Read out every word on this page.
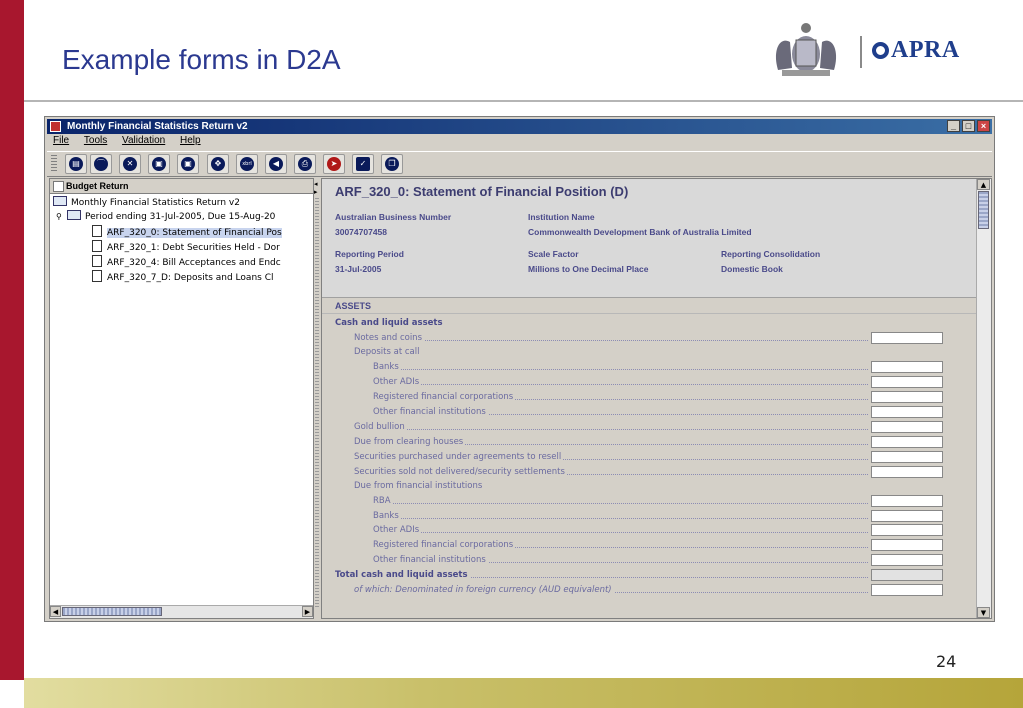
Example forms in D2A	APRA
Monthly Financial Statistics Return v2	_	□	×
File Tools Validation Help
▤	⌒	✕	▣	▣	✥	xbrl	◀	⎙	➤	✓	❐
Budget Return
Monthly Financial Statistics Return v2
⚲	Period ending 31-Jul-2005, Due 15-Aug-20
ARF_320_0: Statement of Financial Pos
ARF_320_1: Debt Securities Held - Dor
ARF_320_4: Bill Acceptances and Endc
ARF_320_7_D: Deposits and Loans Cl
◀	▶
◂
▸ ARF_320_0: Statement of Financial Position (D)
Australian Business Number
30074707458
Institution Name
Commonwealth Development Bank of Australia Limited
Reporting Period
31-Jul-2005
Scale Factor
Millions to One Decimal Place
Reporting Consolidation
Domestic Book
ASSETS
Cash and liquid assets
Notes and coins
Deposits at call
Banks
Other ADIs
Registered financial corporations
Other financial institutions
Gold bullion
Due from clearing houses
Securities purchased under agreements to resell
Securities sold not delivered/security settlements
Due from financial institutions
RBA
Banks
Other ADIs
Registered financial corporations
Other financial institutions
Total cash and liquid assets
of which: Denominated in foreign currency (AUD equivalent)
▲
▼
24
